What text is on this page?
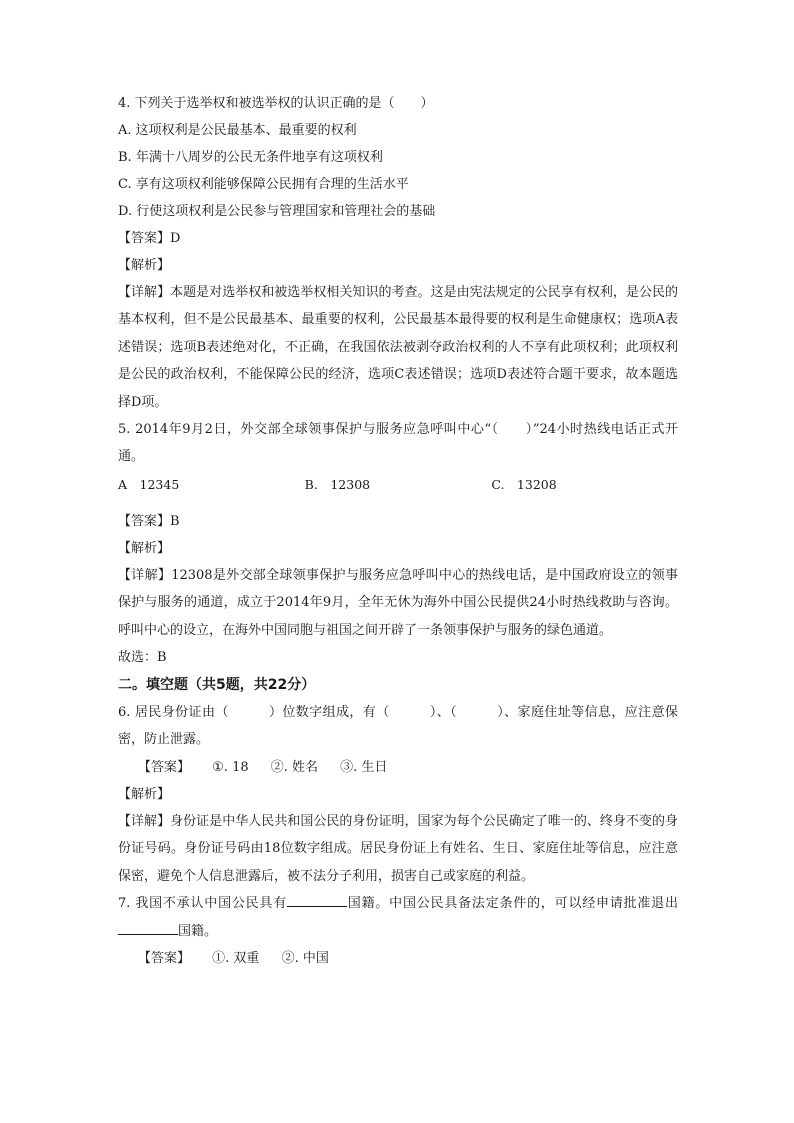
4. 下列关于选举权和被选举权的认识正确的是（　　）
A. 这项权利是公民最基本、最重要的权利
B. 年满十八周岁的公民无条件地享有这项权利
C. 享有这项权利能够保障公民拥有合理的生活水平
D. 行使这项权利是公民参与管理国家和管理社会的基础
【答案】D
【解析】
【详解】本题是对选举权和被选举权相关知识的考查。这是由宪法规定的公民享有权利，是公民的基本权利，但不是公民最基本、最重要的权利，公民最基本最得要的权利是生命健康权；选项A表述错误；选项B表述绝对化，不正确，在我国依法被剥夺政治权利的人不享有此项权利；此项权利是公民的政治权利，不能保障公民的经济，选项C表述错误；选项D表述符合题干要求，故本题选择D项。
5. 2014年9月2日，外交部全球领事保护与服务应急呼叫中心“（　　）”24小时热线电话正式开通。
A　12345	B.　12308	C.　13208
【答案】B
【解析】
【详解】12308是外交部全球领事保护与服务应急呼叫中心的热线电话，是中国政府设立的领事保护与服务的通道，成立于2014年9月，全年无休为海外中国公民提供24小时热线救助与咨询。呼叫中心的设立，在海外中国同胞与祖国之间开辟了一条领事保护与服务的绿色通道。
故选：B
二。填空题（共5题，共22分）
6. 居民身份证由（　　　）位数字组成，有（　　　）、（　　　）、家庭住址等信息，应注意保密，防止泄露。
【答案】 ①. 18 ②. 姓名 ③. 生日
【解析】
【详解】身份证是中华人民共和国公民的身份证明，国家为每个公民确定了唯一的、终身不变的身份证号码。身份证号码由18位数字组成。居民身份证上有姓名、生日、家庭住址等信息，应注意保密，避免个人信息泄露后，被不法分子利用，损害自己或家庭的利益。
7. 我国不承认中国公民具有	国籍。中国公民具备法定条件的，可以经申请批准退出国籍。
【答案】 ①. 双重 ②. 中国
